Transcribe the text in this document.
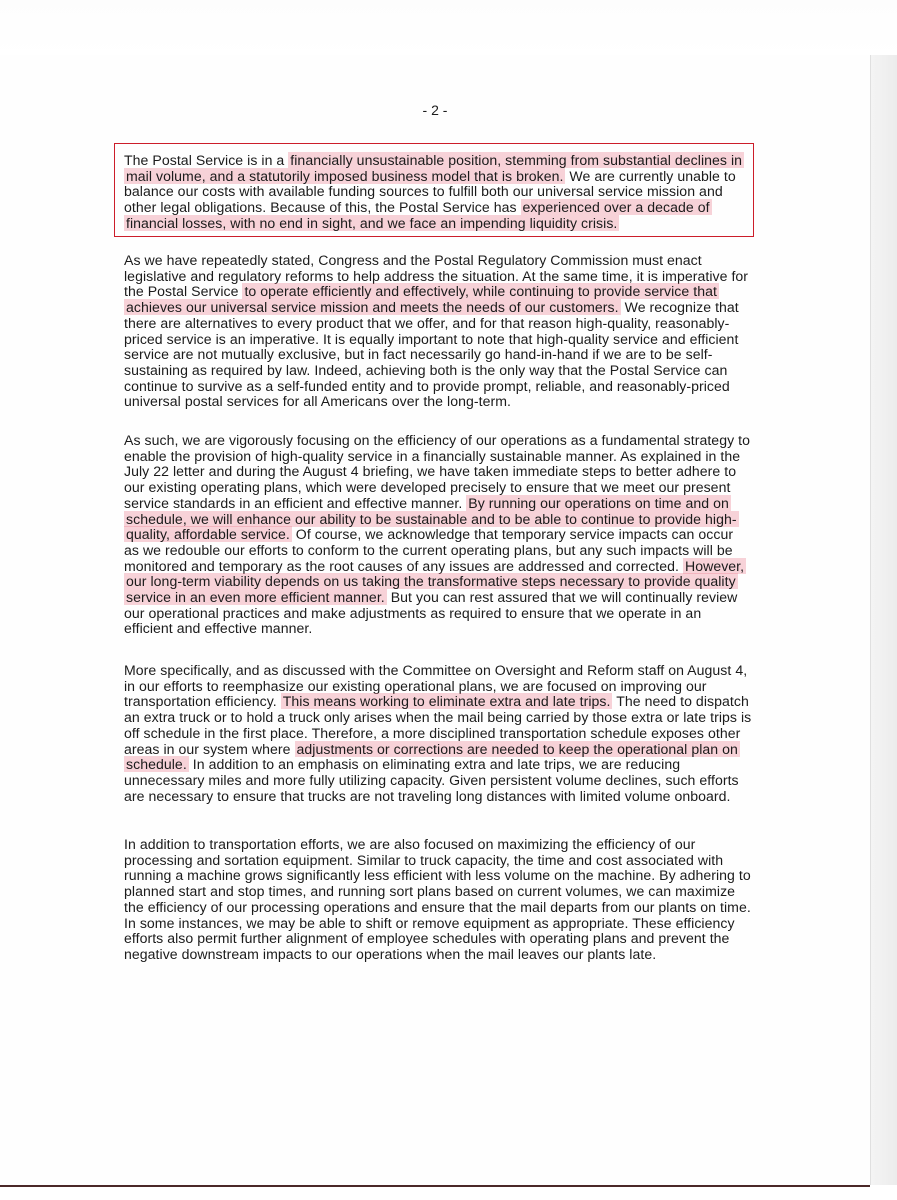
- 2 -

The Postal Service is in a financially unsustainable position, stemming from substantial declines in mail volume, and a statutorily imposed business model that is broken. We are currently unable to balance our costs with available funding sources to fulfill both our universal service mission and other legal obligations. Because of this, the Postal Service has experienced over a decade of financial losses, with no end in sight, and we face an impending liquidity crisis.

As we have repeatedly stated, Congress and the Postal Regulatory Commission must enact legislative and regulatory reforms to help address the situation. At the same time, it is imperative for the Postal Service to operate efficiently and effectively, while continuing to provide service that achieves our universal service mission and meets the needs of our customers. We recognize that there are alternatives to every product that we offer, and for that reason high-quality, reasonably-priced service is an imperative. It is equally important to note that high-quality service and efficient service are not mutually exclusive, but in fact necessarily go hand-in-hand if we are to be self-sustaining as required by law. Indeed, achieving both is the only way that the Postal Service can continue to survive as a self-funded entity and to provide prompt, reliable, and reasonably-priced universal postal services for all Americans over the long-term.

As such, we are vigorously focusing on the efficiency of our operations as a fundamental strategy to enable the provision of high-quality service in a financially sustainable manner. As explained in the July 22 letter and during the August 4 briefing, we have taken immediate steps to better adhere to our existing operating plans, which were developed precisely to ensure that we meet our present service standards in an efficient and effective manner. By running our operations on time and on schedule, we will enhance our ability to be sustainable and to be able to continue to provide high-quality, affordable service. Of course, we acknowledge that temporary service impacts can occur as we redouble our efforts to conform to the current operating plans, but any such impacts will be monitored and temporary as the root causes of any issues are addressed and corrected. However, our long-term viability depends on us taking the transformative steps necessary to provide quality service in an even more efficient manner. But you can rest assured that we will continually review our operational practices and make adjustments as required to ensure that we operate in an efficient and effective manner.

More specifically, and as discussed with the Committee on Oversight and Reform staff on August 4, in our efforts to reemphasize our existing operational plans, we are focused on improving our transportation efficiency. This means working to eliminate extra and late trips. The need to dispatch an extra truck or to hold a truck only arises when the mail being carried by those extra or late trips is off schedule in the first place. Therefore, a more disciplined transportation schedule exposes other areas in our system where adjustments or corrections are needed to keep the operational plan on schedule. In addition to an emphasis on eliminating extra and late trips, we are reducing unnecessary miles and more fully utilizing capacity. Given persistent volume declines, such efforts are necessary to ensure that trucks are not traveling long distances with limited volume onboard.

In addition to transportation efforts, we are also focused on maximizing the efficiency of our processing and sortation equipment. Similar to truck capacity, the time and cost associated with running a machine grows significantly less efficient with less volume on the machine. By adhering to planned start and stop times, and running sort plans based on current volumes, we can maximize the efficiency of our processing operations and ensure that the mail departs from our plants on time. In some instances, we may be able to shift or remove equipment as appropriate. These efficiency efforts also permit further alignment of employee schedules with operating plans and prevent the negative downstream impacts to our operations when the mail leaves our plants late.
